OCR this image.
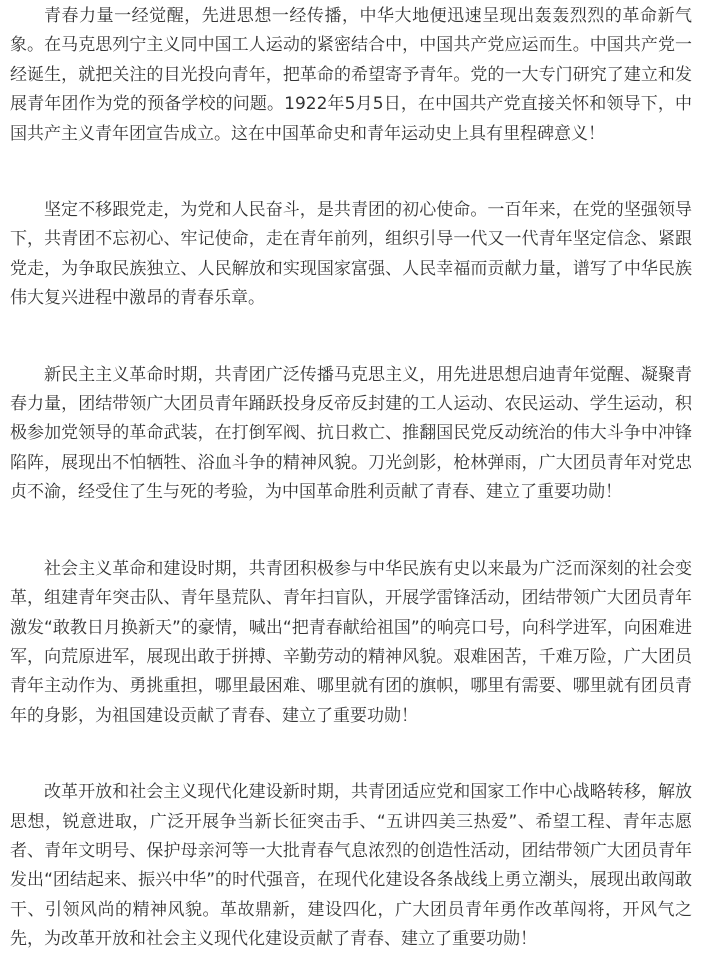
青春力量一经觉醒，先进思想一经传播，中华大地便迅速呈现出轰轰烈烈的革命新气象。在马克思列宁主义同中国工人运动的紧密结合中，中国共产党应运而生。中国共产党一经诞生，就把关注的目光投向青年，把革命的希望寄予青年。党的一大专门研究了建立和发展青年团作为党的预备学校的问题。1922年5月5日，在中国共产党直接关怀和领导下，中国共产主义青年团宣告成立。这在中国革命史和青年运动史上具有里程碑意义！

坚定不移跟党走，为党和人民奋斗，是共青团的初心使命。一百年来，在党的坚强领导下，共青团不忘初心、牢记使命，走在青年前列，组织引导一代又一代青年坚定信念、紧跟党走，为争取民族独立、人民解放和实现国家富强、人民幸福而贡献力量，谱写了中华民族伟大复兴进程中激昂的青春乐章。

新民主主义革命时期，共青团广泛传播马克思主义，用先进思想启迪青年觉醒、凝聚青春力量，团结带领广大团员青年踊跃投身反帝反封建的工人运动、农民运动、学生运动，积极参加党领导的革命武装，在打倒军阀、抗日救亡、推翻国民党反动统治的伟大斗争中冲锋陷阵，展现出不怕牺牲、浴血斗争的精神风貌。刀光剑影，枪林弹雨，广大团员青年对党忠贞不渝，经受住了生与死的考验，为中国革命胜利贡献了青春、建立了重要功勋！

社会主义革命和建设时期，共青团积极参与中华民族有史以来最为广泛而深刻的社会变革，组建青年突击队、青年垦荒队、青年扫盲队，开展学雷锋活动，团结带领广大团员青年激发“敢教日月换新天”的豪情，喊出“把青春献给祖国”的响亮口号，向科学进军，向困难进军，向荒原进军，展现出敢于拼搏、辛勤劳动的精神风貌。艰难困苦，千难万险，广大团员青年主动作为、勇挑重担，哪里最困难、哪里就有团的旗帜，哪里有需要、哪里就有团员青年的身影，为祖国建设贡献了青春、建立了重要功勋！

改革开放和社会主义现代化建设新时期，共青团适应党和国家工作中心战略转移，解放思想，锐意进取，广泛开展争当新长征突击手、“五讲四美三热爱”、希望工程、青年志愿者、青年文明号、保护母亲河等一大批青春气息浓烈的创造性活动，团结带领广大团员青年发出“团结起来、振兴中华”的时代强音，在现代化建设各条战线上勇立潮头，展现出敢闯敢干、引领风尚的精神风貌。革故鼎新，建设四化，广大团员青年勇作改革闯将，开风气之先，为改革开放和社会主义现代化建设贡献了青春、建立了重要功勋！
